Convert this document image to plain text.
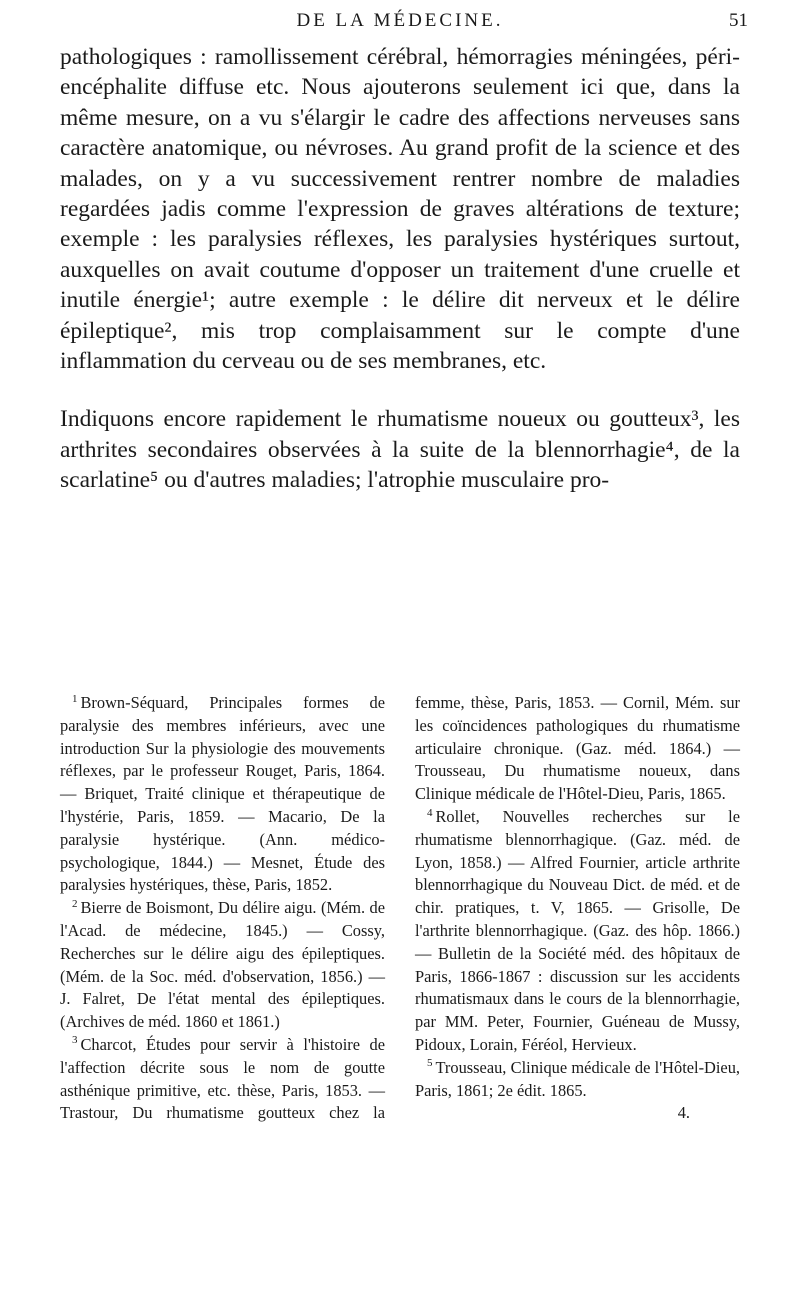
DE LA MÉDECINE.	51

pathologiques : ramollissement cérébral, hémorragies méningées, péri-encéphalite diffuse etc. Nous ajouterons seulement ici que, dans la même mesure, on a vu s'élargir le cadre des affections nerveuses sans caractère anatomique, ou névroses. Au grand profit de la science et des malades, on y a vu successivement rentrer nombre de maladies regardées jadis comme l'expression de graves altérations de texture; exemple : les paralysies réflexes, les paralysies hystériques surtout, auxquelles on avait coutume d'opposer un traitement d'une cruelle et inutile énergie¹; autre exemple : le délire dit nerveux et le délire épileptique², mis trop complaisamment sur le compte d'une inflammation du cerveau ou de ses membranes, etc.

Indiquons encore rapidement le rhumatisme noueux ou goutteux³, les arthrites secondaires observées à la suite de la blennorrhagie⁴, de la scarlatine⁵ ou d'autres maladies; l'atrophie musculaire pro-

$^1$ Brown-Séquard, Principales formes de paralysie des membres inférieurs, avec une introduction Sur la physiologie des mouvements réflexes, par le professeur Rouget, Paris, 1864. — Briquet, Traité clinique et thérapeutique de l'hystérie, Paris, 1859. — Macario, De la paralysie hystérique. (Ann. médico-psychologique, 1844.) — Mesnet, Étude des paralysies hystériques, thèse, Paris, 1852.

$^2$ Bierre de Boismont, Du délire aigu. (Mém. de l'Acad. de médecine, 1845.) — Cossy, Recherches sur le délire aigu des épileptiques. (Mém. de la Soc. méd. d'observation, 1856.) — J. Falret, De l'état mental des épileptiques. (Archives de méd. 1860 et 1861.)

$^3$ Charcot, Études pour servir à l'histoire de l'affection décrite sous le nom de goutte asthénique primitive, etc. thèse, Paris, 1853. — Trastour, Du rhumatisme goutteux chez la femme, thèse, Paris, 1853. — Cornil, Mém. sur les coïncidences pathologiques du rhumatisme articulaire chronique. (Gaz. méd. 1864.) — Trousseau, Du rhumatisme noueux, dans Clinique médicale de l'Hôtel-Dieu, Paris, 1865.

$^4$ Rollet, Nouvelles recherches sur le rhumatisme blennorrhagique. (Gaz. méd. de Lyon, 1858.) — Alfred Fournier, article arthrite blennorrhagique du Nouveau Dict. de méd. et de chir. pratiques, t. V, 1865. — Grisolle, De l'arthrite blennorrhagique. (Gaz. des hôp. 1866.) — Bulletin de la Société méd. des hôpitaux de Paris, 1866-1867 : discussion sur les accidents rhumatismaux dans le cours de la blennorrhagie, par MM. Peter, Fournier, Guéneau de Mussy, Pidoux, Lorain, Féréol, Hervieux.

$^5$ Trousseau, Clinique médicale de l'Hôtel-Dieu, Paris, 1861; 2e édit. 1865.

4.
